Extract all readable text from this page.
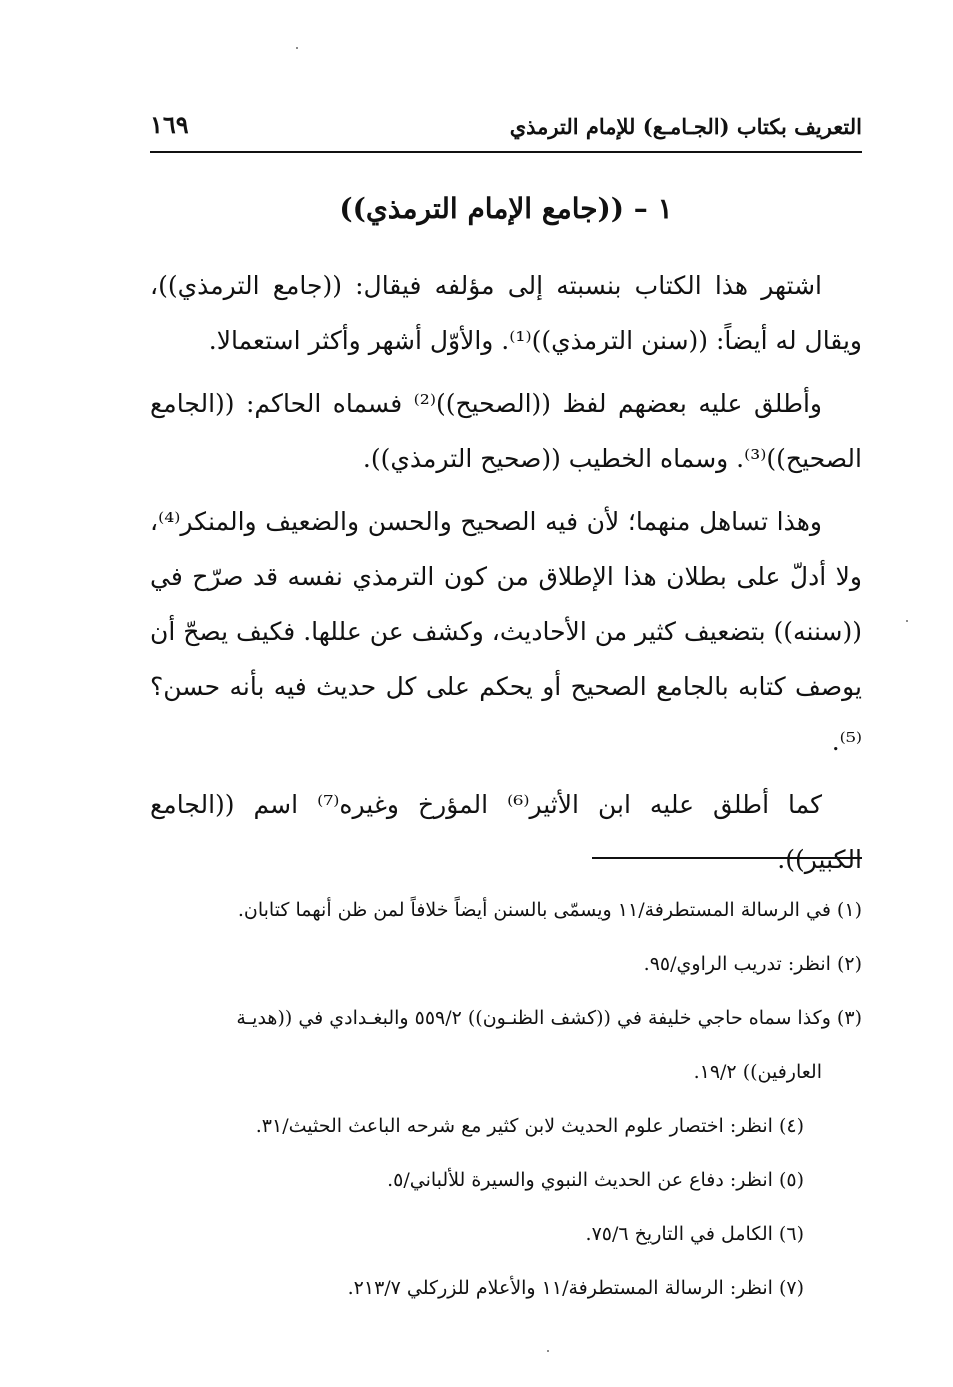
التعريف بكتاب (الجـامـع) للإمام الترمذي
١٦٩
١ – ((جامع الإمام الترمذي))

اشتهر هذا الكتاب بنسبته إلى مؤلفه فيقال: ((جامع الترمذي))، ويقال له أيضاً: ((سنن الترمذي))⁽¹⁾. والأوّل أشهر وأكثر استعمالا.

وأطلق عليه بعضهم لفظ ((الصحيح))⁽²⁾ فسماه الحاكم: ((الجامع الصحيح))⁽³⁾. وسماه الخطيب ((صحيح الترمذي)).

وهذا تساهل منهما؛ لأن فيه الصحيح والحسن والضعيف والمنكر⁽⁴⁾، ولا أدلّ على بطلان هذا الإطلاق من كون الترمذي نفسه قد صرّح في ((سننه)) بتضعيف كثير من الأحاديث، وكشف عن عللها. فكيف يصحّ أن يوصف كتابه بالجامع الصحيح أو يحكم على كل حديث فيه بأنه حسن؟⁽⁵⁾.

كما أطلق عليه ابن الأثير⁽⁶⁾ المؤرخ وغيره⁽⁷⁾ اسم ((الجامع الكبير)).

(١) في الرسالة المستطرفة/١١ ويسمّى بالسنن أيضاً خلافاً لمن ظن أنهما كتابان.
(٢) انظر: تدريب الراوي/٩٥.
(٣) وكذا سماه حاجي خليفة في ((كشف الظنـون)) ٥٥٩/٢ والبغـدادي في ((هديـة
العارفين)) ١٩/٢.
(٤) انظر: اختصار علوم الحديث لابن كثير مع شرحه الباعث الحثيث/٣١.
(٥) انظر: دفاع عن الحديث النبوي والسيرة للألباني/٥.
(٦) الكامل في التاريخ ٧٥/٦.
(٧) انظر: الرسالة المستطرفة/١١ والأعلام للزركلي ٢١٣/٧.
